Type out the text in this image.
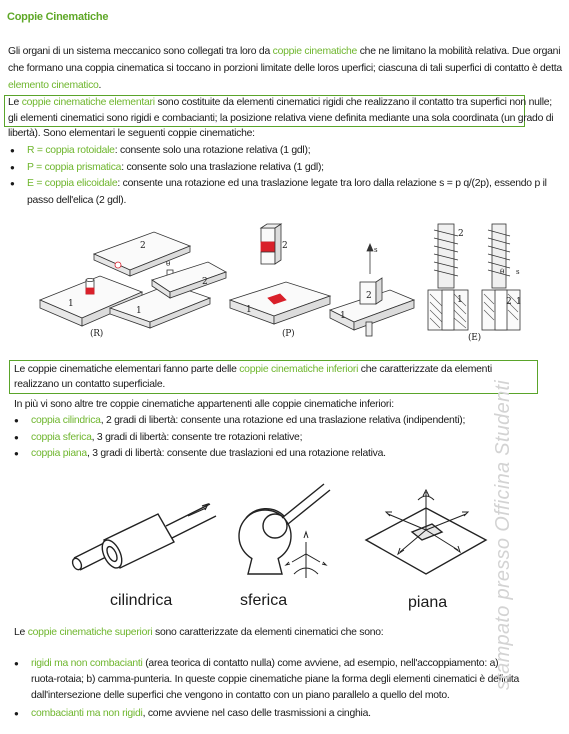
Coppie Cinematiche

Gli organi di un sistema meccanico sono collegati tra loro da coppie cinematiche che ne limitano la mobilità relativa. Due organi che formano una coppia cinematica si toccano in porzioni limitate delle loros uperfici; ciascuna di tali superfici di contatto è detta elemento cinematico.

Le coppie cinematiche elementari sono costituite da elementi cinematici rigidi che realizzano il contatto tra superfici non nulle; gli elementi cinematici sono rigidi e combacianti; la posizione relativa viene definita mediante una sola coordinata (un grado di libertà). Sono elementari le seguenti coppie cinematiche:

● R = coppia rotoidale: consente solo una rotazione relativa (1 gdl);
● P = coppia prismatica: consente solo una traslazione relativa (1 gdl);
● E = coppia elicoidale: consente una rotazione ed una traslazione legate tra loro dalla relazione s = p q/(2p), essendo p il passo dell'elica (2 gdl).
1
2
1
2
θ
(R)
1
2
(P)
1
2
s
2
1	2 1
θ s
(E)

Le coppie cinematiche elementari fanno parte delle coppie cinematiche inferiori che caratterizzate da elementi realizzano un contatto superficiale.

In più vi sono altre tre coppie cinematiche appartenenti alle coppie cinematiche inferiori:

● coppia cilindrica, 2 gradi di libertà: consente una rotazione ed una traslazione relativa (indipendenti);
● coppia sferica, 3 gradi di libertà: consente tre rotazioni relative;
● coppia piana, 3 gradi di libertà: consente due traslazioni ed una rotazione relativa.
cilindrica	sferica	piana

Le coppie cinematiche superiori sono caratterizzate da elementi cinematici che sono:

● rigidi ma non combacianti (area teorica di contatto nulla) come avviene, ad esempio, nell'accoppiamento: a) ruota-rotaia; b) camma-punteria. In queste coppie cinematiche piane la forma degli elementi cinematici è definita dall'intersezione delle superfici che vengono in contatto con un piano parallelo a quello del moto.
● combacianti ma non rigidi, come avviene nel caso delle trasmissioni a cinghia.
stampato presso Officina Studenti
